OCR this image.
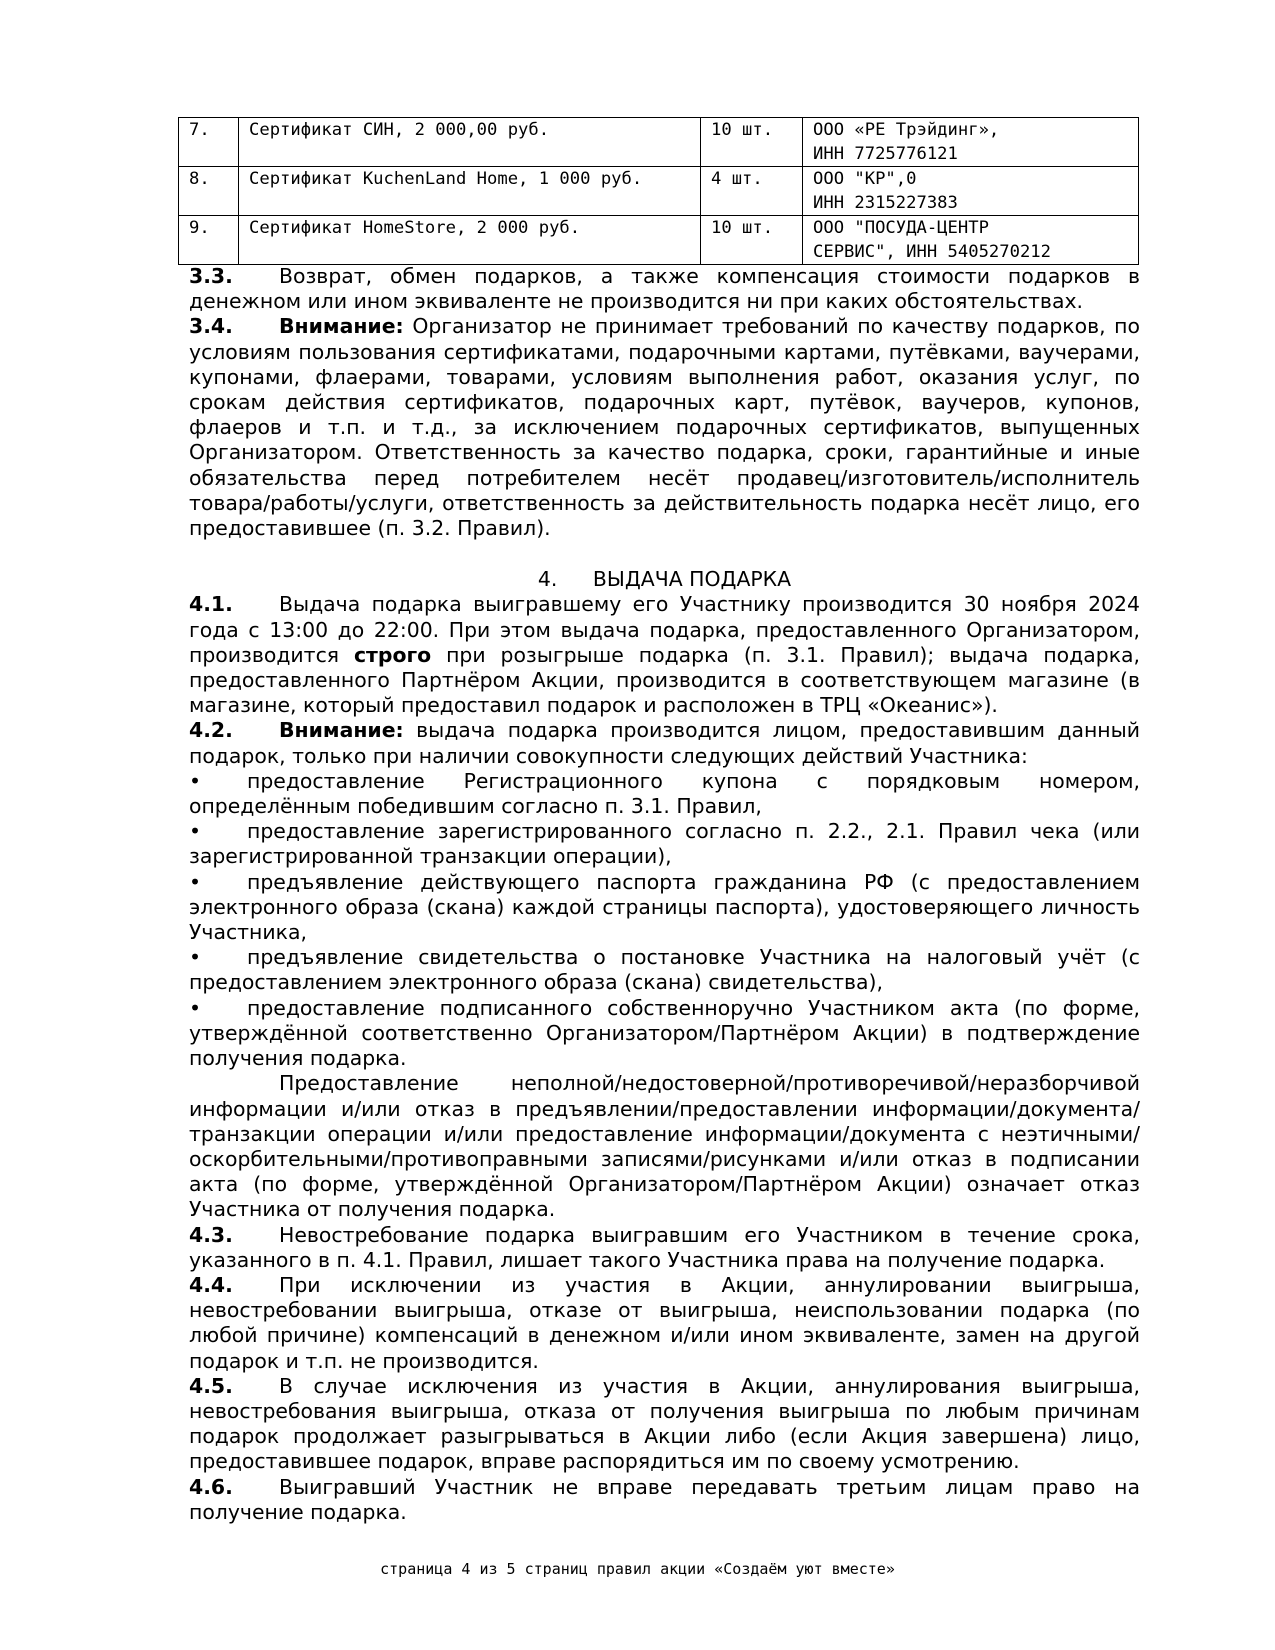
7.	Сертификат СИН, 2 000,00 руб.	10 шт.	ООО «РЕ Трэйдинг»,
ИНН 7725776121

8.	Сертификат KuchenLand Home, 1 000 руб.	4 шт.	ООО "КР",0
ИНН 2315227383

9.	Сертификат HomeStore, 2 000 руб.	10 шт.	ООО "ПОСУДА-ЦЕНТР
СЕРВИС", ИНН 5405270212

3.3. Возврат, обмен подарков, а также компенсация стоимости подарков в денежном или ином эквиваленте не производится ни при каких обстоятельствах.

3.4. Внимание: Организатор не принимает требований по качеству подарков, по условиям пользования сертификатами, подарочными картами, путёвками, ваучерами, купонами, флаерами, товарами, условиям выполнения работ, оказания услуг, по срокам действия сертификатов, подарочных карт, путёвок, ваучеров, купонов, флаеров и т.п. и т.д., за исключением подарочных сертификатов, выпущенных Организатором. Ответственность за качество подарка, сроки, гарантийные и иные обязательства перед потребителем несёт продавец/изготовитель/исполнитель товара/работы/услуги, ответственность за действительность подарка несёт лицо, его предоставившее (п. 3.2. Правил).

4. ВЫДАЧА ПОДАРКА

4.1. Выдача подарка выигравшему его Участнику производится 30 ноября 2024 года с 13:00 до 22:00. При этом выдача подарка, предоставленного Организатором, производится строго при розыгрыше подарка (п. 3.1. Правил); выдача подарка, предоставленного Партнёром Акции, производится в соответствующем магазине (в магазине, который предоставил подарок и расположен в ТРЦ «Океанис»).

4.2. Внимание: выдача подарка производится лицом, предоставившим данный подарок, только при наличии совокупности следующих действий Участника:

• предоставление Регистрационного купона с порядковым номером, определённым победившим согласно п. 3.1. Правил,

• предоставление зарегистрированного согласно п. 2.2., 2.1. Правил чека (или зарегистрированной транзакции операции),

• предъявление действующего паспорта гражданина РФ (с предоставлением электронного образа (скана) каждой страницы паспорта), удостоверяющего личность Участника,

• предъявление свидетельства о постановке Участника на налоговый учёт (с предоставлением электронного образа (скана) свидетельства),

• предоставление подписанного собственноручно Участником акта (по форме, утверждённой соответственно Организатором/Партнёром Акции) в подтверждение получения подарка.

Предоставление неполной/недостоверной/противоречивой/неразборчивой информации и/или отказ в предъявлении/предоставлении информации/документа/ транзакции операции и/или предоставление информации/документа с неэтичными/оскорбительными/противоправными записями/рисунками и/или отказ в подписании акта (по форме, утверждённой Организатором/Партнёром Акции) означает отказ Участника от получения подарка.

4.3. Невостребование подарка выигравшим его Участником в течение срока, указанного в п. 4.1. Правил, лишает такого Участника права на получение подарка.

4.4. При исключении из участия в Акции, аннулировании выигрыша, невостребовании выигрыша, отказе от выигрыша, неиспользовании подарка (по любой причине) компенсаций в денежном и/или ином эквиваленте, замен на другой подарок и т.п. не производится.

4.5. В случае исключения из участия в Акции, аннулирования выигрыша, невостребования выигрыша, отказа от получения выигрыша по любым причинам подарок продолжает разыгрываться в Акции либо (если Акция завершена) лицо, предоставившее подарок, вправе распорядиться им по своему усмотрению.

4.6. Выигравший Участник не вправе передавать третьим лицам право на получение подарка.

страница 4 из 5 страниц правил акции «Создаём уют вместе»
